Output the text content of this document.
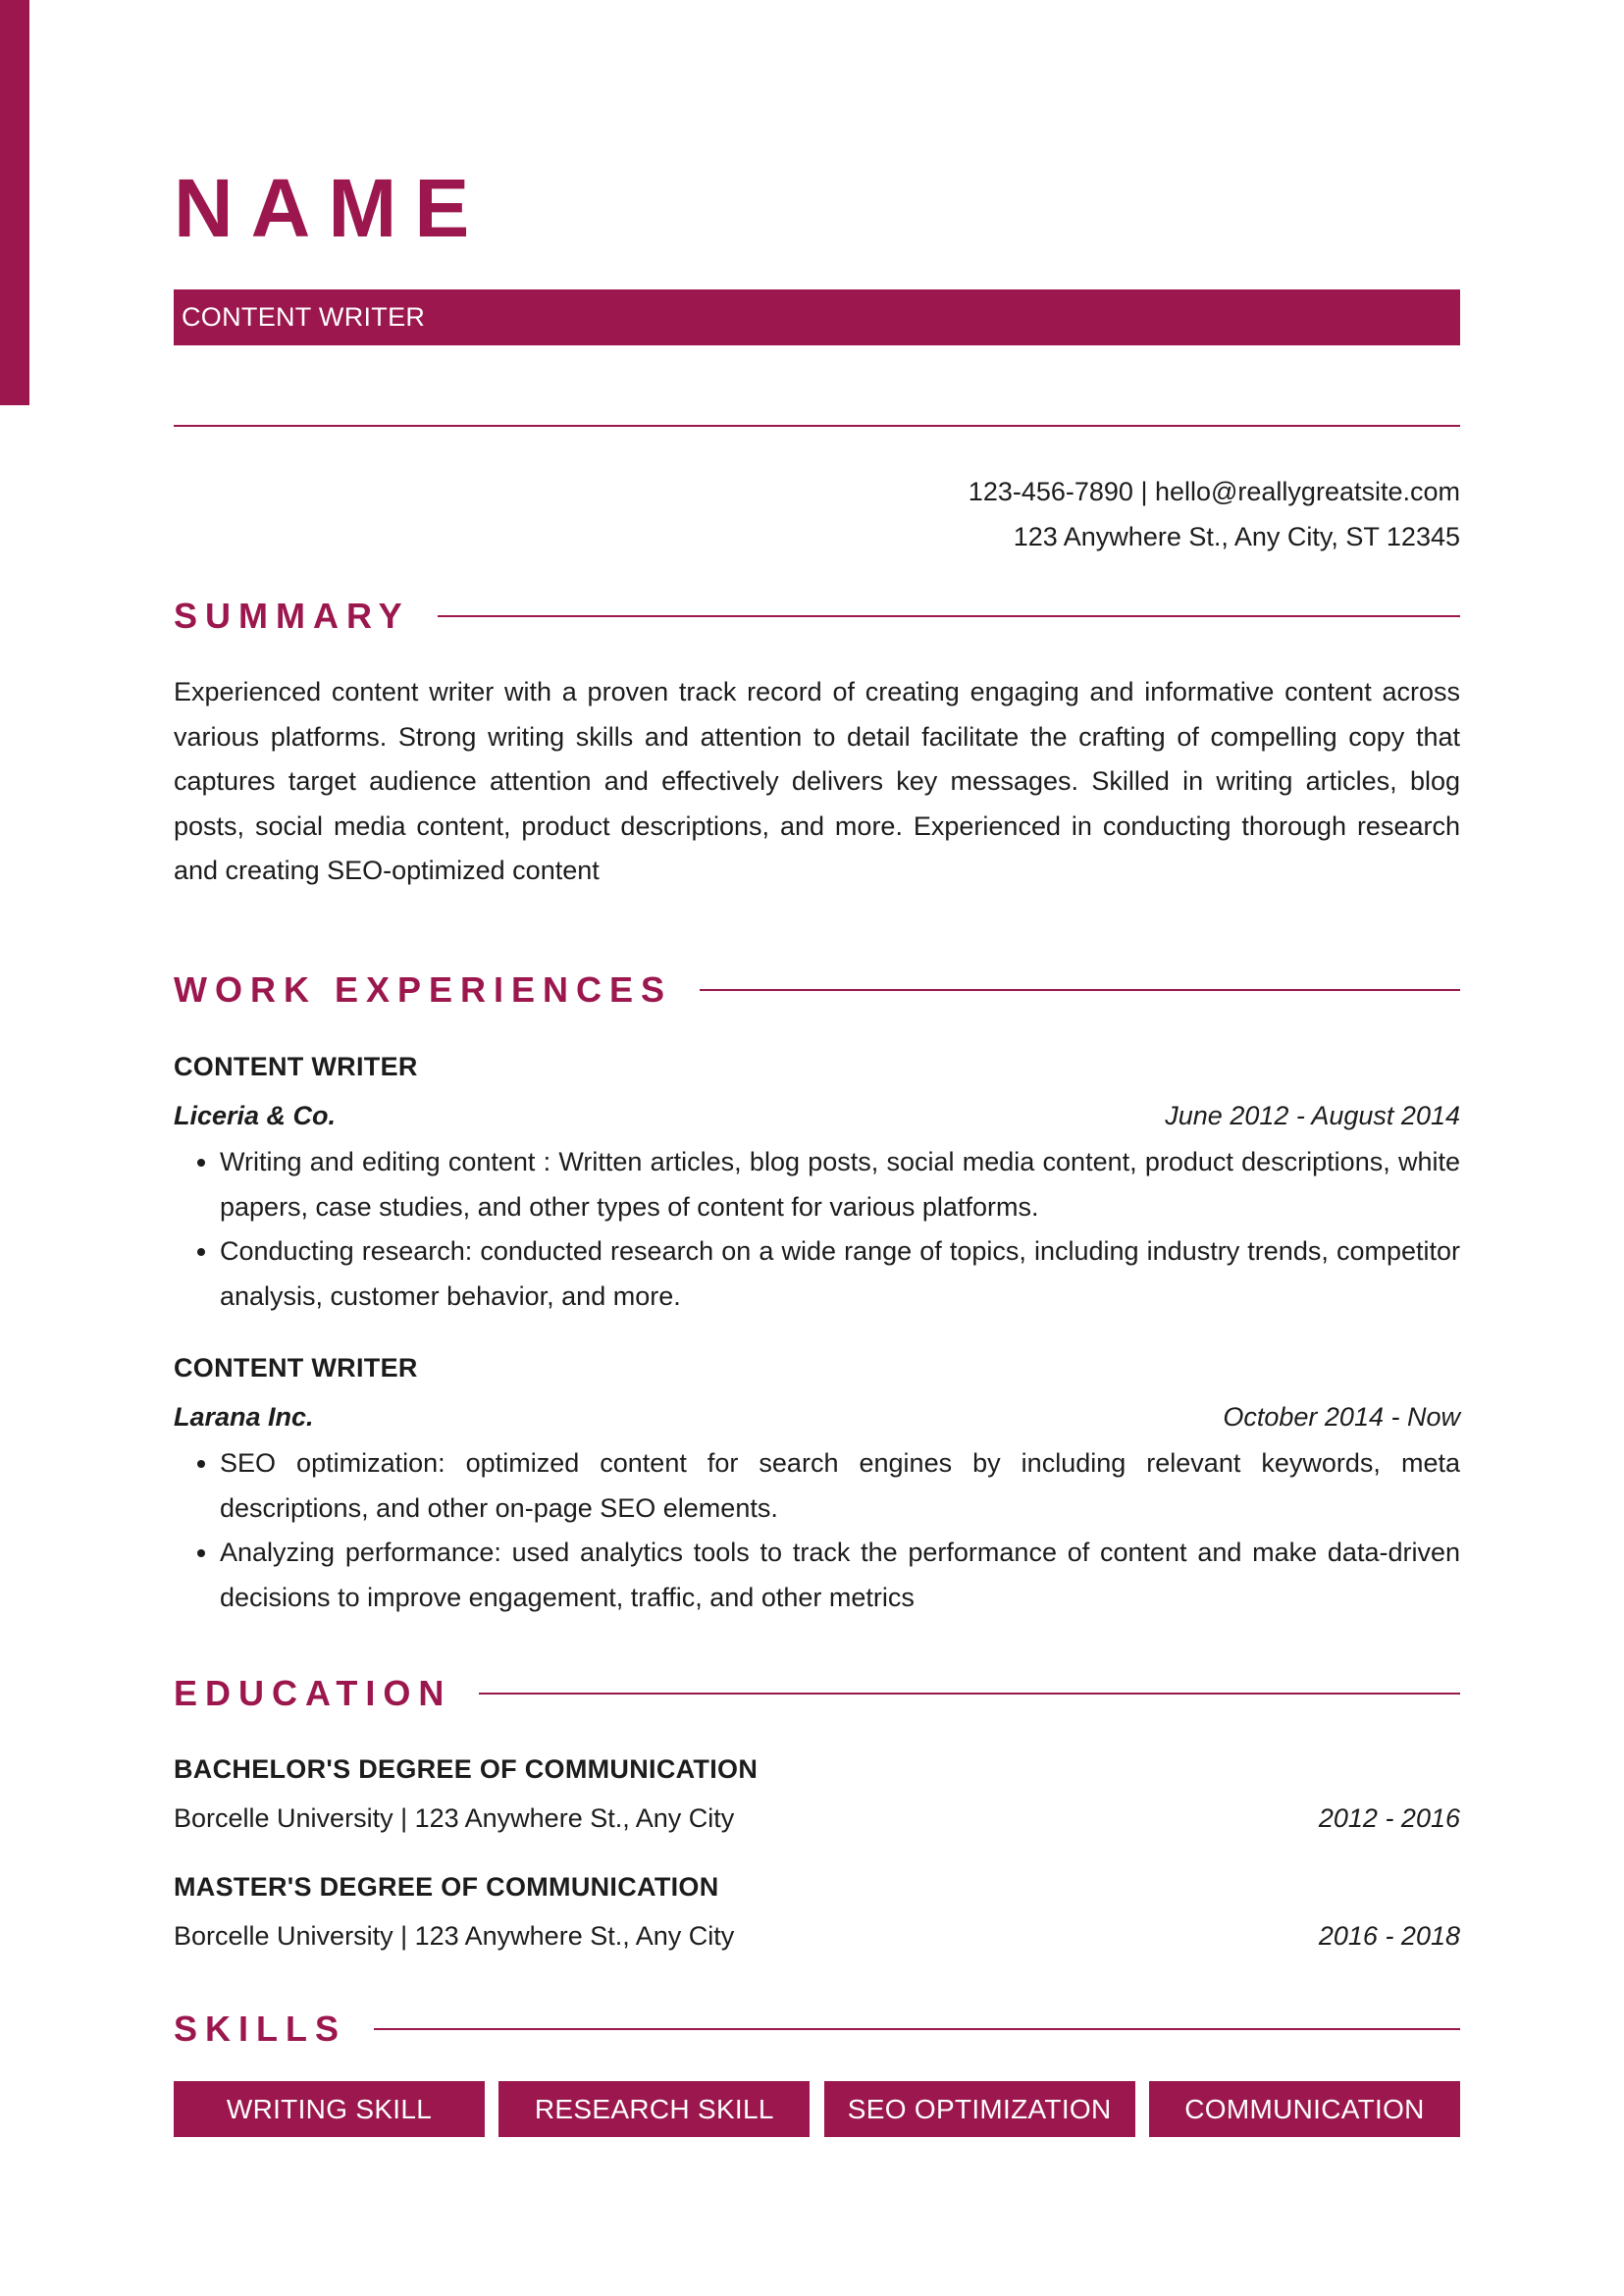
NAME
CONTENT WRITER
123-456-7890 | hello@reallygreatsite.com
123 Anywhere St., Any City, ST 12345
SUMMARY

Experienced content writer with a proven track record of creating engaging and informative content across various platforms. Strong writing skills and attention to detail facilitate the crafting of compelling copy that captures target audience attention and effectively delivers key messages. Skilled in writing articles, blog posts, social media content, product descriptions, and more. Experienced in conducting thorough research and creating SEO-optimized content

WORK EXPERIENCES
CONTENT WRITER
Liceria & Co.	June 2012 - August 2014
• Writing and editing content : Written articles, blog posts, social media content, product descriptions, white papers, case studies, and other types of content for various platforms.
• Conducting research: conducted research on a wide range of topics, including industry trends, competitor analysis, customer behavior, and more.
CONTENT WRITER
Larana Inc.	October 2014 - Now
• SEO optimization: optimized content for search engines by including relevant keywords, meta descriptions, and other on-page SEO elements.
• Analyzing performance: used analytics tools to track the performance of content and make data-driven decisions to improve engagement, traffic, and other metrics
EDUCATION
BACHELOR'S DEGREE OF COMMUNICATION
Borcelle University | 123 Anywhere St., Any City	2012 - 2016
MASTER'S DEGREE OF COMMUNICATION
Borcelle University | 123 Anywhere St., Any City	2016 - 2018
SKILLS
WRITING SKILL	RESEARCH SKILL	SEO OPTIMIZATION	COMMUNICATION
